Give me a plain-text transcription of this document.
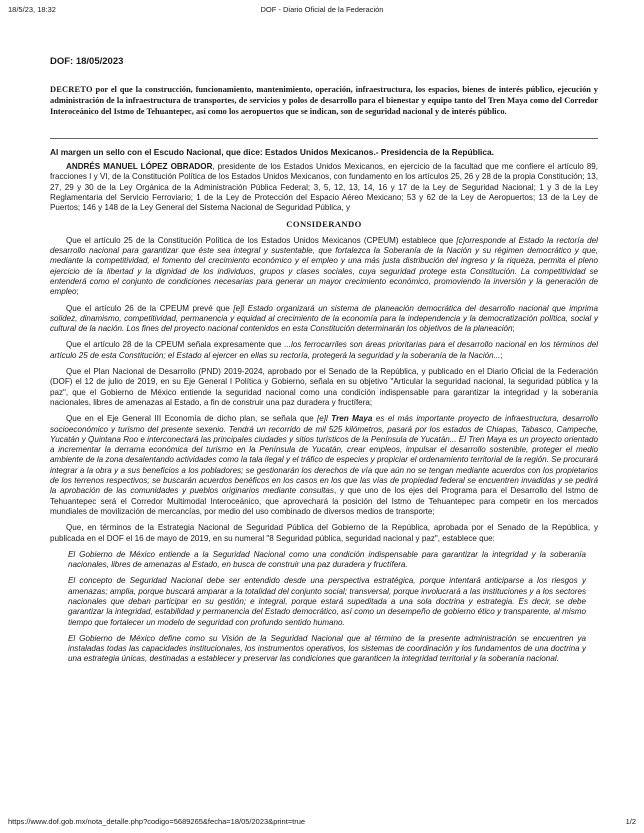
18/5/23, 18:32	DOF - Diario Oficial de la Federación
DOF: 18/05/2023
DECRETO por el que la construcción, funcionamiento, mantenimiento, operación, infraestructura, los espacios, bienes de interés público, ejecución y administración de la infraestructura de transportes, de servicios y polos de desarrollo para el bienestar y equipo tanto del Tren Maya como del Corredor Interoceánico del Istmo de Tehuantepec, así como los aeropuertos que se indican, son de seguridad nacional y de interés público.
Al margen un sello con el Escudo Nacional, que dice: Estados Unidos Mexicanos.- Presidencia de la República.

ANDRÉS MANUEL LÓPEZ OBRADOR, presidente de los Estados Unidos Mexicanos, en ejercicio de la facultad que me confiere el artículo 89, fracciones I y VI, de la Constitución Política de los Estados Unidos Mexicanos, con fundamento en los artículos 25, 26 y 28 de la propia Constitución; 13, 27, 29 y 30 de la Ley Orgánica de la Administración Pública Federal; 3, 5, 12, 13, 14, 16 y 17 de la Ley de Seguridad Nacional; 1 y 3 de la Ley Reglamentaria del Servicio Ferroviario; 1 de la Ley de Protección del Espacio Aéreo Mexicano; 53 y 62 de la Ley de Aeropuertos; 13 de la Ley de Puertos; 146 y 148 de la Ley General del Sistema Nacional de Seguridad Pública, y

CONSIDERANDO

Que el artículo 25 de la Constitución Política de los Estados Unidos Mexicanos (CPEUM) establece que [c]orresponde al Estado la rectoría del desarrollo nacional para garantizar que éste sea integral y sustentable, que fortalezca la Soberanía de la Nación y su régimen democrático y que, mediante la competitividad, el fomento del crecimiento económico y el empleo y una más justa distribución del ingreso y la riqueza, permita el pleno ejercicio de la libertad y la dignidad de los individuos, grupos y clases sociales, cuya seguridad protege esta Constitución. La competitividad se entenderá como el conjunto de condiciones necesarias para generar un mayor crecimiento económico, promoviendo la inversión y la generación de empleo;

Que el artículo 26 de la CPEUM prevé que [e]l Estado organizará un sistema de planeación democrática del desarrollo nacional que imprima solidez, dinamismo, competitividad, permanencia y equidad al crecimiento de la economía para la independencia y la democratización política, social y cultural de la nación. Los fines del proyecto nacional contenidos en esta Constitución determinarán los objetivos de la planeación;

Que el artículo 28 de la CPEUM señala expresamente que ...los ferrocarriles son áreas prioritarias para el desarrollo nacional en los términos del artículo 25 de esta Constitución; el Estado al ejercer en ellas su rectoría, protegerá la seguridad y la soberanía de la Nación...;

Que el Plan Nacional de Desarrollo (PND) 2019-2024, aprobado por el Senado de la República, y publicado en el Diario Oficial de la Federación (DOF) el 12 de julio de 2019, en su Eje General I Política y Gobierno, señala en su objetivo "Articular la seguridad nacional, la seguridad pública y la paz", que el Gobierno de México entiende la seguridad nacional como una condición indispensable para garantizar la integridad y la soberanía nacionales, libres de amenazas al Estado, a fin de construir una paz duradera y fructífera;

Que en el Eje General III Economía de dicho plan, se señala que [e]l Tren Maya es el más importante proyecto de infraestructura, desarrollo socioeconómico y turismo del presente sexenio. Tendrá un recorrido de mil 525 kilómetros, pasará por los estados de Chiapas, Tabasco, Campeche, Yucatán y Quintana Roo e interconectará las principales ciudades y sitios turísticos de la Península de Yucatán... El Tren Maya es un proyecto orientado a incrementar la derrama económica del turismo en la Península de Yucatán, crear empleos, impulsar el desarrollo sostenible, proteger el medio ambiente de la zona desalentando actividades como la tala ilegal y el tráfico de especies y propiciar el ordenamiento territorial de la región. Se procurará integrar a la obra y a sus beneficios a los pobladores; se gestionarán los derechos de vía que aún no se tengan mediante acuerdos con los propietarios de los terrenos respectivos; se buscarán acuerdos benéficos en los casos en los que las vías de propiedad federal se encuentren invadidas y se pedirá la aprobación de las comunidades y pueblos originarios mediante consultas, y que uno de los ejes del Programa para el Desarrollo del Istmo de Tehuantepec será el Corredor Multimodal Interoceánico, que aprovechará la posición del Istmo de Tehuantepec para competir en los mercados mundiales de movilización de mercancías, por medio del uso combinado de diversos medios de transporte;

Que, en términos de la Estrategia Nacional de Seguridad Pública del Gobierno de la República, aprobada por el Senado de la República, y publicada en el DOF el 16 de mayo de 2019, en su numeral "8 Seguridad pública, seguridad nacional y paz", establece que:

El Gobierno de México entiende a la Seguridad Nacional como una condición indispensable para garantizar la integridad y la soberanía nacionales, libres de amenazas al Estado, en busca de construir una paz duradera y fructífera.

El concepto de Seguridad Nacional debe ser entendido desde una perspectiva estratégica, porque intentará anticiparse a los riesgos y amenazas; amplia, porque buscará amparar a la totalidad del conjunto social; transversal, porque involucrará a las instituciones y a los sectores nacionales que deban participar en su gestión; e integral, porque estará supeditada a una sola doctrina y estrategia. Es decir, se debe garantizar la integridad, estabilidad y permanencia del Estado democrático, así como un desempeño de gobierno ético y transparente, al mismo tiempo que fortalecer un modelo de seguridad con profundo sentido humano.

El Gobierno de México define como su Visión de la Seguridad Nacional que al término de la presente administración se encuentren ya instaladas todas las capacidades institucionales, los instrumentos operativos, los sistemas de coordinación y los fundamentos de una doctrina y una estrategia únicas, destinadas a establecer y preservar las condiciones que garanticen la integridad territorial y la soberanía nacional.

https://www.dof.gob.mx/nota_detalle.php?codigo=5689265&fecha=18/05/2023&print=true	1/2
